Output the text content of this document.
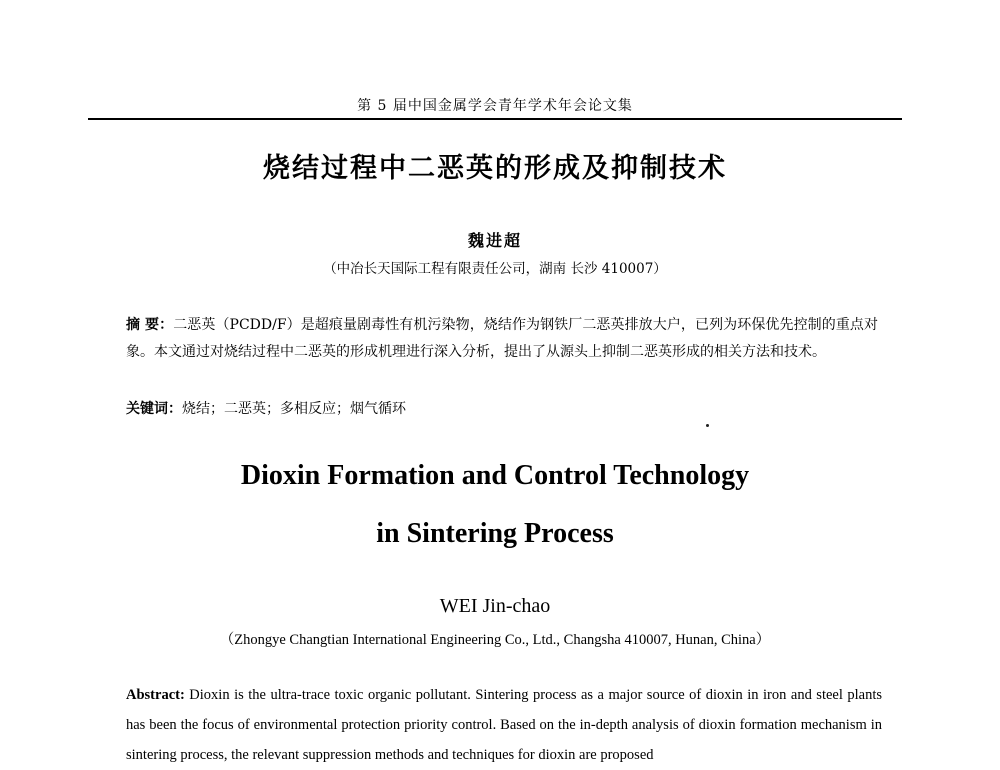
第 5 届中国金属学会青年学术年会论文集
烧结过程中二恶英的形成及抑制技术
魏进超
（中冶长天国际工程有限责任公司，湖南 长沙 410007）
摘 要：二恶英（PCDD/F）是超痕量剧毒性有机污染物，烧结作为钢铁厂二恶英排放大户，已列为环保优先控制的重点对象。本文通过对烧结过程中二恶英的形成机理进行深入分析，提出了从源头上抑制二恶英形成的相关方法和技术。
关键词：烧结；二恶英；多相反应；烟气循环
Dioxin Formation and Control Technology
in Sintering Process
WEI Jin-chao
（Zhongye Changtian International Engineering Co., Ltd., Changsha 410007, Hunan, China）
Abstract: Dioxin is the ultra-trace toxic organic pollutant. Sintering process as a major source of dioxin in iron and steel plants has been the focus of environmental protection priority control. Based on the in-depth analysis of dioxin formation mechanism in sintering process, the relevant suppression methods and techniques for dioxin are proposed
